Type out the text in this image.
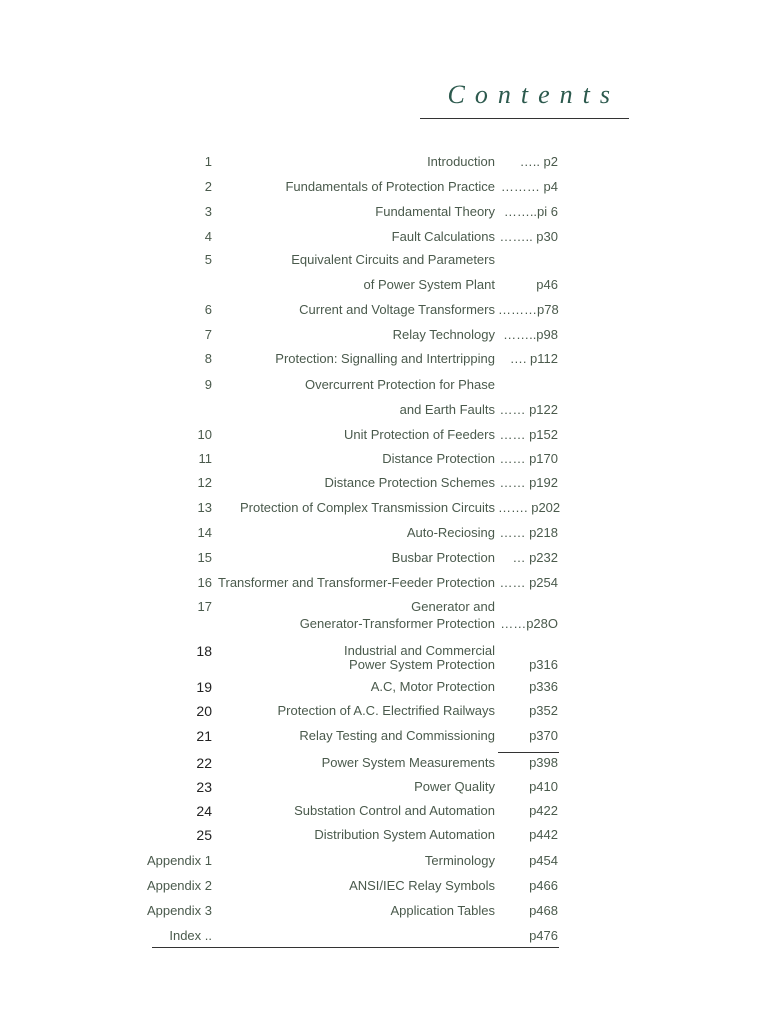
Contents
1	Introduction	….. p2
2	Fundamentals of Protection Practice ……… p4
3	Fundamental Theory ……..pi 6
4	Fault Calculations …….. p30
5	Equivalent Circuits and Parameters
of Power System Plant	p46
6	Current and Voltage Transformers ………p78
7	Relay Technology ……..p98
8	Protection: Signalling and Intertripping	…. p112
9	Overcurrent Protection for Phase
and Earth Faults …… p122
10	Unit Protection of Feeders …… p152
11	Distance Protection …… p170
12	Distance Protection Schemes …… p192
13 Protection of Complex Transmission Circuits ……. p202
14	Auto-Reciosing …… p218
15	Busbar Protection	… p232
16 Transformer and Transformer-Feeder Protection …… p254
17	Generator and
Generator-Transformer Protection ……p28O
18	Industrial and Commercial
Power System Protection	p316
19	A.C, Motor Protection	p336
20	Protection of A.C. Electrified Railways	p352
21	Relay Testing and Commissioning	p370
22	Power System Measurements	p398
23	Power Quality	p410
24	Substation Control and Automation	p422
25	Distribution System Automation	p442
Appendix 1	Terminology	p454
Appendix 2	ANSI/IEC Relay Symbols	p466
Appendix 3	Application Tables	p468
Index ..	p476
